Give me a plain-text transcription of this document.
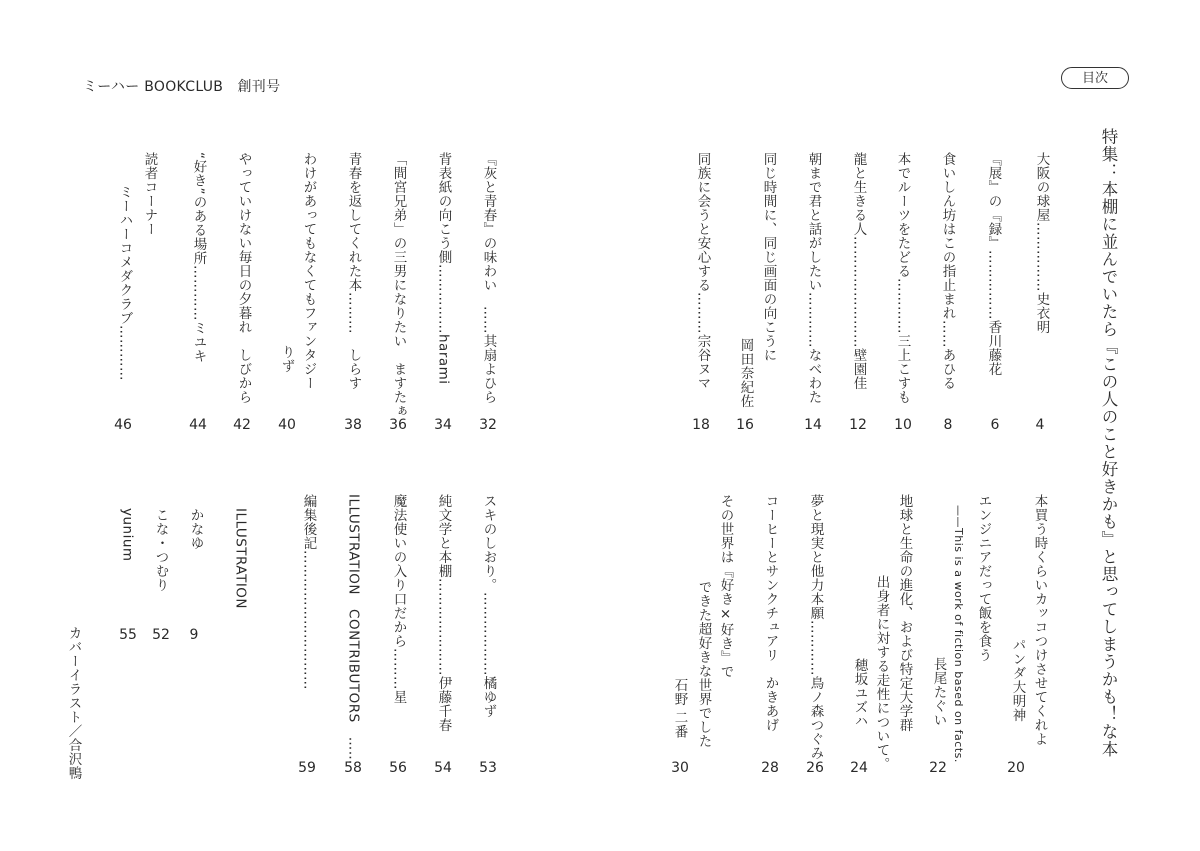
ミーハー BOOKCLUB　創刊号
目次
特集：本棚に並んでいたら『この人のこと好きかも』と思ってしまうかも！な本
大阪の球屋……………史衣明
4
『展』の『録』……………香川藤花
6
食いしん坊はこの指止まれ……あひる
8
本でルーツをたどる…………三上こすも
10
龍と生きる人……………………壁園佳
12
朝まで君と話がしたい…………なべわた
14
同じ時間に、同じ画面の向こうに
岡田奈紀佐
16
同族に会うと安心する………宗谷ヌマ
18
『灰と青春』の味わい　……其扇よひら
32
背表紙の向こう側……………harami
34
「間宮兄弟」の三男になりたい　ますたぁ
36
青春を返してくれた本………　しらす
38
わけがあってもなくてもファンタジー
りず
40
やっていけない毎日の夕暮れ　しびから
42
“好き”のある場所…………ミユキ
44
読者コーナー
ミーハーコメダクラブ…………
46
本買う時くらいカッコつけさせてくれよ
パンダ大明神
20
エンジニアだって飯を食う
——This is a work of fiction based on facts.
長尾たぐい
22
地球と生命の進化、および特定大学群
出身者に対する走性について。
穂坂ユズハ
24
夢と現実と他力本願…………鳥ノ森つぐみ
26
コーヒーとサンクチュアリ　かきあげ
28
その世界は『好き×好き』で
できた超好きな世界でした
石野 二番
30
スキのしおり。………………橘ゆず
53
純文学と本棚…………………伊藤千春
54
魔法使いの入り口だから………星
56
ILLUSTRATION　CONTRIBUTORS　……
58
編集後記…………………………
59
ILLUSTRATION
かなゆ
9
こな・つむり
52
yunium
55
カバーイラスト／合沢鴨
